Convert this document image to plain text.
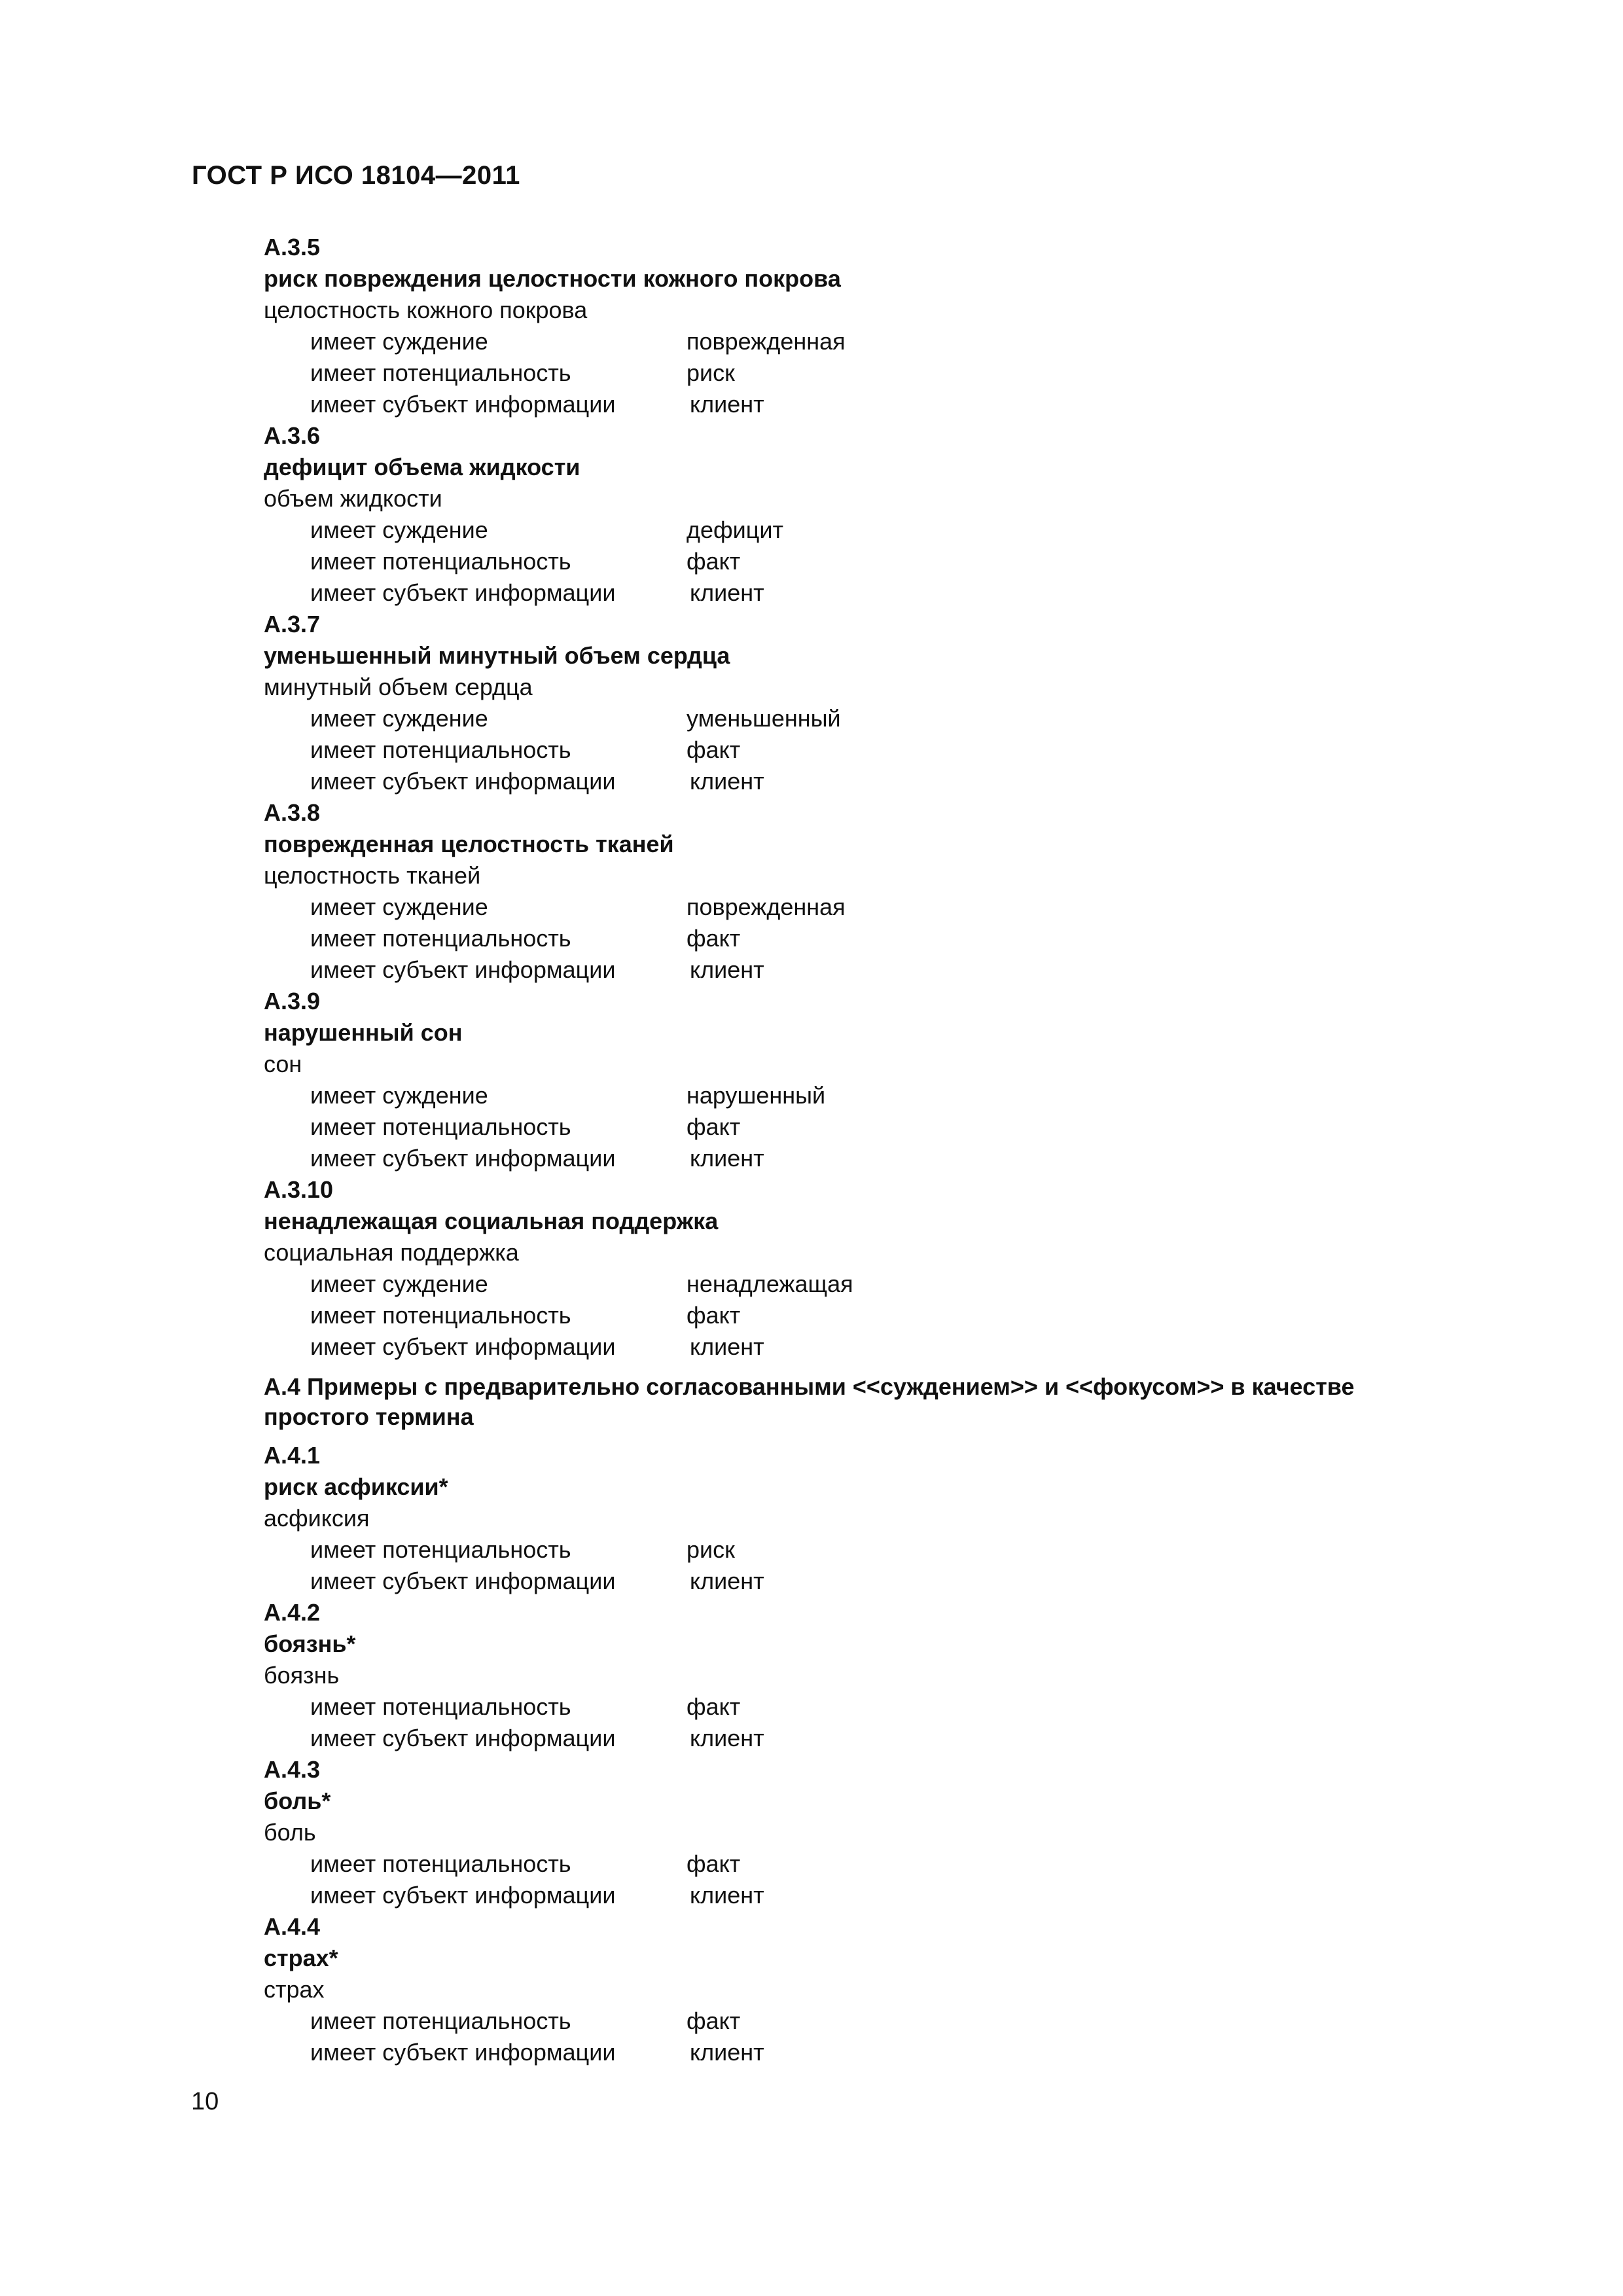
ГОСТ Р ИСО 18104—2011
А.3.5
риск повреждения целостности кожного покрова
целостность кожного покрова
имеет суждение	поврежденная
имеет потенциальность	риск
имеет субъект информации	клиент
А.3.6
дефицит объема жидкости
объем жидкости
имеет суждение	дефицит
имеет потенциальность	факт
имеет субъект информации	клиент
А.3.7
уменьшенный минутный объем сердца
минутный объем сердца
имеет суждение	уменьшенный
имеет потенциальность	факт
имеет субъект информации	клиент
А.3.8
поврежденная целостность тканей
целостность тканей
имеет суждение	поврежденная
имеет потенциальность	факт
имеет субъект информации	клиент
А.3.9
нарушенный сон
сон
имеет суждение	нарушенный
имеет потенциальность	факт
имеет субъект информации	клиент
А.3.10
ненадлежащая социальная поддержка
социальная поддержка
имеет суждение	ненадлежащая
имеет потенциальность	факт
имеет субъект информации	клиент
А.4 Примеры с предварительно согласованными <<суждением>> и <<фокусом>> в качестве простого термина
А.4.1
риск асфиксии*
асфиксия
имеет потенциальность	риск
имеет субъект информации	клиент
А.4.2
боязнь*
боязнь
имеет потенциальность	факт
имеет субъект информации	клиент
А.4.3
боль*
боль
имеет потенциальность	факт
имеет субъект информации	клиент
А.4.4
страх*
страх
имеет потенциальность	факт
имеет субъект информации	клиент
10
